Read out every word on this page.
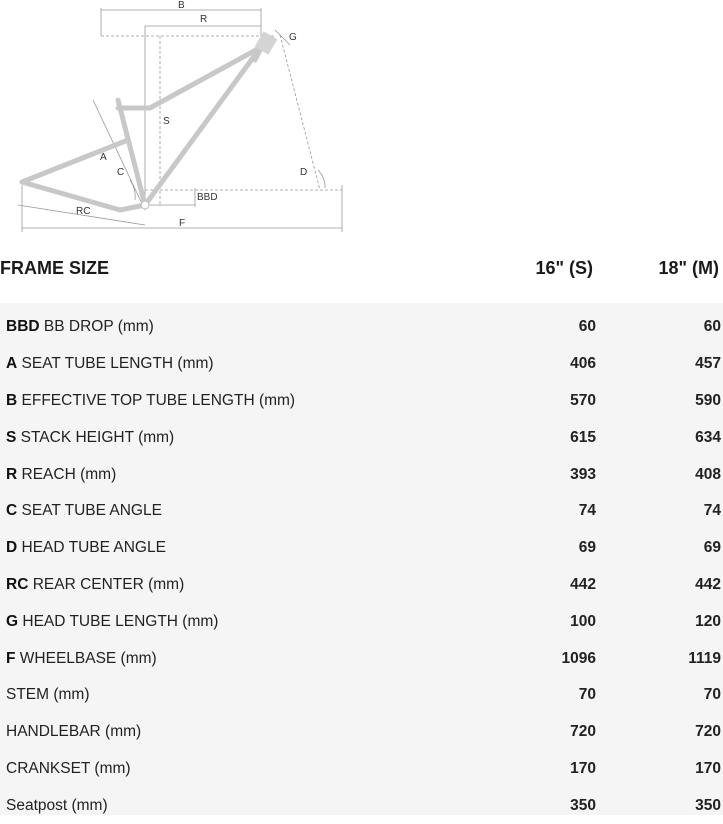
B
R
G
S
A
C	D
BBD
RC
F
FRAME SIZE	16" (S)	18" (M)
BBD BB DROP (mm)	60	60
A SEAT TUBE LENGTH (mm)	406	457
B EFFECTIVE TOP TUBE LENGTH (mm)	570	590
S STACK HEIGHT (mm)	615	634
R REACH (mm)	393	408
C SEAT TUBE ANGLE	74	74
D HEAD TUBE ANGLE	69	69
RC REAR CENTER (mm)	442	442
G HEAD TUBE LENGTH (mm)	100	120
F WHEELBASE (mm)	1096	1119
STEM (mm)	70	70
HANDLEBAR (mm)	720	720
CRANKSET (mm)	170	170
Seatpost (mm)	350	350
